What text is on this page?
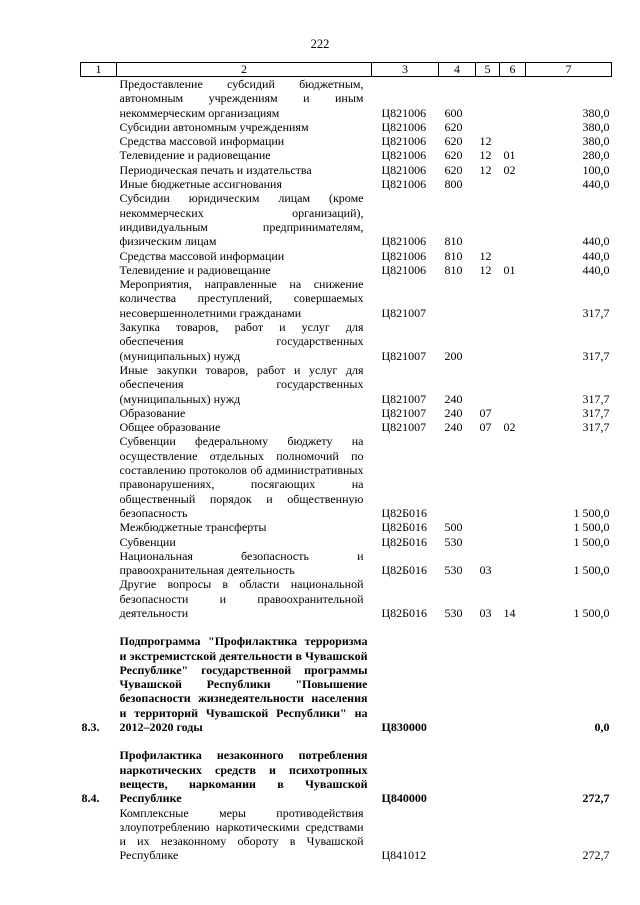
222
1	2	3	4	5	6	7
	Предоставление субсидий бюджетным, автономным учреждениям и иным некоммерческим организациям	Ц821006	600			380,0
	Субсидии автономным учреждениям	Ц821006	620			380,0
	Средства массовой информации	Ц821006	620	12		380,0
	Телевидение и радиовещание	Ц821006	620	12	01	280,0
	Периодическая печать и издательства	Ц821006	620	12	02	100,0
	Иные бюджетные ассигнования	Ц821006	800			440,0
	Субсидии юридическим лицам (кроме некоммерческих организаций), индивидуальным предпринимателям, физическим лицам	Ц821006	810			440,0
	Средства массовой информации	Ц821006	810	12		440,0
	Телевидение и радиовещание	Ц821006	810	12	01	440,0
	Мероприятия, направленные на снижение количества преступлений, совершаемых несовершеннолетними гражданами	Ц821007				317,7
	Закупка товаров, работ и услуг для обеспечения государственных (муниципальных) нужд	Ц821007	200			317,7
	Иные закупки товаров, работ и услуг для обеспечения государственных (муниципальных) нужд	Ц821007	240			317,7
	Образование	Ц821007	240	07		317,7
	Общее образование	Ц821007	240	07	02	317,7
	Субвенции федеральному бюджету на осуществление отдельных полномочий по составлению протоколов об административных правонарушениях, посягающих на общественный порядок и общественную безопасность	Ц82Б016				1 500,0
	Межбюджетные трансферты	Ц82Б016	500			1 500,0
	Субвенции	Ц82Б016	530			1 500,0
	Национальная безопасность и правоохранительная деятельность	Ц82Б016	530	03		1 500,0
	Другие вопросы в области национальной безопасности и правоохранительной деятельности	Ц82Б016	530	03	14	1 500,0

8.3.	Подпрограмма "Профилактика терроризма и экстремистской деятельности в Чувашской Республике" государственной программы Чувашской Республики "Повышение безопасности жизнедеятельности населения и территорий Чувашской Республики" на 2012–2020 годы	Ц830000				0,0

8.4.	Профилактика незаконного потребления наркотических средств и психотропных веществ, наркомании в Чувашской Республике	Ц840000				272,7
	Комплексные меры противодействия злоупотреблению наркотическими средствами и их незаконному обороту в Чувашской Республике	Ц841012				272,7
